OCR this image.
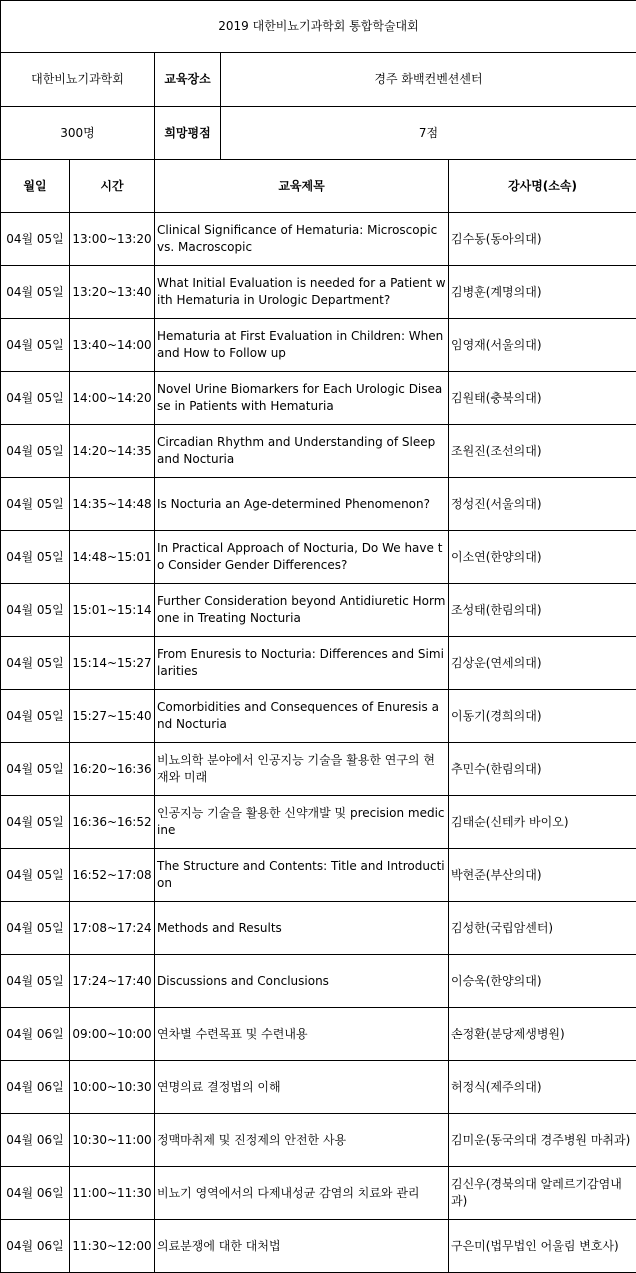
2019 대한비뇨기과학회 통합학술대회				
대한비뇨기과학회		교육장소	경주 화백컨벤션센터	
300명		희망평점	7점	
월일	시간	교육제목		강사명(소속)
04월 05일	13:00~13:20	Clinical Significance of Hematuria: Microscopic vs. Macroscopic		김수동(동아의대)
04월 05일	13:20~13:40	What Initial Evaluation is needed for a Patient with Hematuria in Urologic Department?		김병훈(계명의대)
04월 05일	13:40~14:00	Hematuria at First Evaluation in Children: When and How to Follow up		임영재(서울의대)
04월 05일	14:00~14:20	Novel Urine Biomarkers for Each Urologic Disease in Patients with Hematuria		김원태(충북의대)
04월 05일	14:20~14:35	Circadian Rhythm and Understanding of Sleep and Nocturia		조원진(조선의대)
04월 05일	14:35~14:48	Is Nocturia an Age-determined Phenomenon?		정성진(서울의대)
04월 05일	14:48~15:01	In Practical Approach of Nocturia, Do We have to Consider Gender Differences?		이소연(한양의대)
04월 05일	15:01~15:14	Further Consideration beyond Antidiuretic Hormone in Treating Nocturia		조성태(한림의대)
04월 05일	15:14~15:27	From Enuresis to Nocturia: Differences and Similarities		김상운(연세의대)
04월 05일	15:27~15:40	Comorbidities and Consequences of Enuresis and Nocturia		이동기(경희의대)
04월 05일	16:20~16:36	비뇨의학 분야에서 인공지능 기술을 활용한 연구의 현재와 미래		추민수(한림의대)
04월 05일	16:36~16:52	인공지능 기술을 활용한 신약개발 및 precision medicine		김태순(신테카 바이오)
04월 05일	16:52~17:08	The Structure and Contents: Title and Introduction		박현준(부산의대)
04월 05일	17:08~17:24	Methods and Results		김성한(국립암센터)
04월 05일	17:24~17:40	Discussions and Conclusions		이승욱(한양의대)
04월 06일	09:00~10:00	연차별 수련목표 및 수련내용		손정환(분당제생병원)
04월 06일	10:00~10:30	연명의료 결정법의 이해		허정식(제주의대)
04월 06일	10:30~11:00	정맥마취제 및 진정제의 안전한 사용		김미운(동국의대 경주병원 마취과)
04월 06일	11:00~11:30	비뇨기 영역에서의 다제내성균 감염의 치료와 관리		김신우(경북의대 알레르기감염내과)
04월 06일	11:30~12:00	의료분쟁에 대한 대처법		구은미(법무법인 어울림 변호사)
